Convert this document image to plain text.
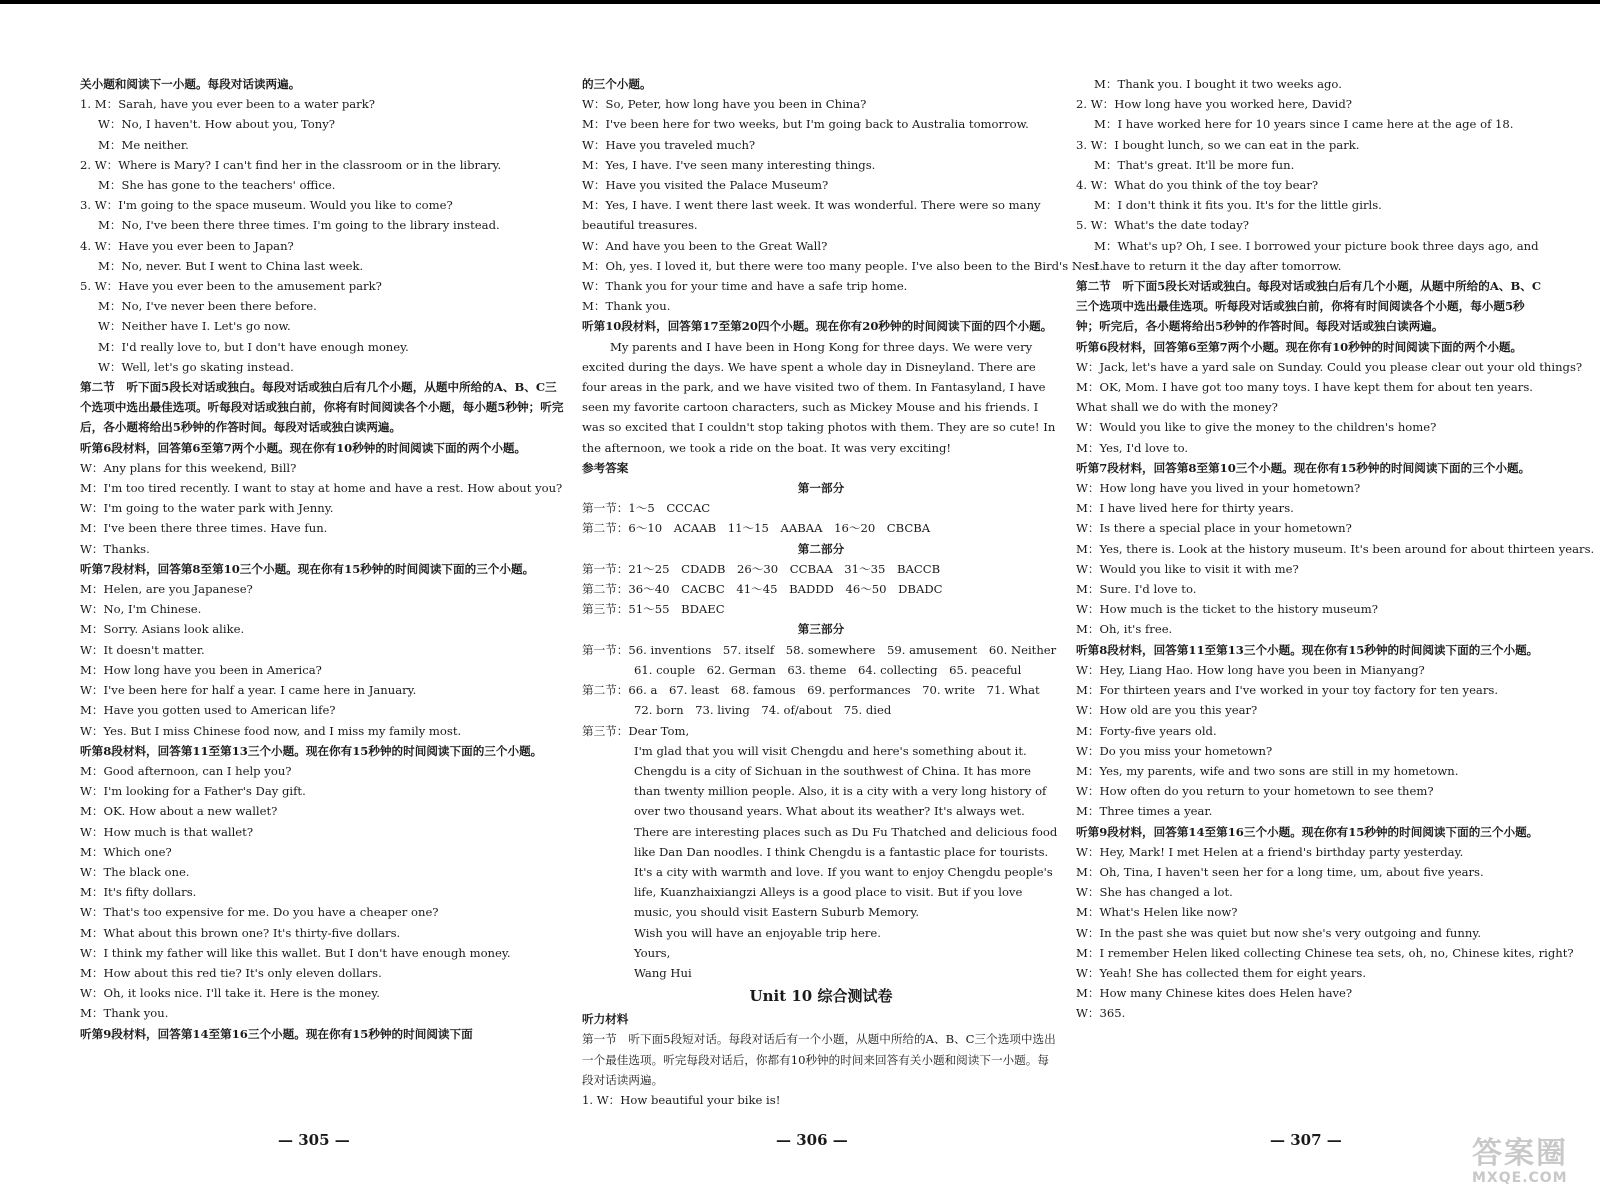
关小题和阅读下一小题。每段对话读两遍。
1. M：Sarah, have you ever been to a water park?
W：No, I haven't. How about you, Tony?
M：Me neither.
2. W：Where is Mary? I can't find her in the classroom or in the library.
M：She has gone to the teachers' office.
3. W：I'm going to the space museum. Would you like to come?
M：No, I've been there three times. I'm going to the library instead.
4. W：Have you ever been to Japan?
M：No, never. But I went to China last week.
5. W：Have you ever been to the amusement park?
M：No, I've never been there before.
W：Neither have I. Let's go now.
M：I'd really love to, but I don't have enough money.
W：Well, let's go skating instead.
第二节　听下面5段长对话或独白。每段对话或独白后有几个小题，从题中所给的A、B、C三个选项中选出最佳选项。听每段对话或独白前，你将有时间阅读各个小题，每小题5秒钟；听完后，各小题将给出5秒钟的作答时间。每段对话或独白读两遍。
听第6段材料，回答第6至第7两个小题。现在你有10秒钟的时间阅读下面的两个小题。
W：Any plans for this weekend, Bill?
M：I'm too tired recently. I want to stay at home and have a rest. How about you?
W：I'm going to the water park with Jenny.
M：I've been there three times. Have fun.
W：Thanks.
听第7段材料，回答第8至第10三个小题。现在你有15秒钟的时间阅读下面的三个小题。
M：Helen, are you Japanese?
W：No, I'm Chinese.
M：Sorry. Asians look alike.
W：It doesn't matter.
M：How long have you been in America?
W：I've been here for half a year. I came here in January.
M：Have you gotten used to American life?
W：Yes. But I miss Chinese food now, and I miss my family most.
听第8段材料，回答第11至第13三个小题。现在你有15秒钟的时间阅读下面的三个小题。
M：Good afternoon, can I help you?
W：I'm looking for a Father's Day gift.
M：OK. How about a new wallet?
W：How much is that wallet?
M：Which one?
W：The black one.
M：It's fifty dollars.
W：That's too expensive for me. Do you have a cheaper one?
M：What about this brown one? It's thirty-five dollars.
W：I think my father will like this wallet. But I don't have enough money.
M：How about this red tie? It's only eleven dollars.
W：Oh, it looks nice. I'll take it. Here is the money.
M：Thank you.
听第9段材料，回答第14至第16三个小题。现在你有15秒钟的时间阅读下面
的三个小题。
W：So, Peter, how long have you been in China?
M：I've been here for two weeks, but I'm going back to Australia tomorrow.
W：Have you traveled much?
M：Yes, I have. I've seen many interesting things.
W：Have you visited the Palace Museum?
M：Yes, I have. I went there last week. It was wonderful. There were so many beautiful treasures.
W：And have you been to the Great Wall?
M：Oh, yes. I loved it, but there were too many people. I've also been to the Bird's Nest.
W：Thank you for your time and have a safe trip home.
M：Thank you.
听第10段材料，回答第17至第20四个小题。现在你有20秒钟的时间阅读下面的四个小题。
My parents and I have been in Hong Kong for three days. We were very excited during the days. We have spent a whole day in Disneyland. There are four areas in the park, and we have visited two of them. In Fantasyland, I have seen my favorite cartoon characters, such as Mickey Mouse and his friends. I was so excited that I couldn't stop taking photos with them. They are so cute! In the afternoon, we took a ride on the boat. It was very exciting!
参考答案
第一部分
第一节：1～5　CCCAC
第二节：6～10　ACAAB　11～15　AABAA　16～20　CBCBA
第二部分
第一节：21～25　CDADB　26～30　CCBAA　31～35　BACCB
第二节：36～40　CACBC　41～45　BADDD　46～50　DBADC
第三节：51～55　BDAEC
第三部分
第一节：56. inventions　57. itself　58. somewhere　59. amusement　60. Neither
61. couple　62. German　63. theme　64. collecting　65. peaceful
第二节：66. a　67. least　68. famous　69. performances　70. write　71. What
72. born　73. living　74. of/about　75. died
第三节：Dear Tom,
I'm glad that you will visit Chengdu and here's something about it.
Chengdu is a city of Sichuan in the southwest of China. It has more than twenty million people. Also, it is a city with a very long history of over two thousand years. What about its weather? It's always wet. There are interesting places such as Du Fu Thatched and delicious food like Dan Dan noodles. I think Chengdu is a fantastic place for tourists. It's a city with warmth and love. If you want to enjoy Chengdu people's life, Kuanzhaixiangzi Alleys is a good place to visit. But if you love music, you should visit Eastern Suburb Memory.
Wish you will have an enjoyable trip here.
Yours,
Wang Hui
Unit 10 综合测试卷
听力材料
第一节　听下面5段短对话。每段对话后有一个小题，从题中所给的A、B、C三个选项中选出一个最佳选项。听完每段对话后，你都有10秒钟的时间来回答有关小题和阅读下一小题。每段对话读两遍。
1. W：How beautiful your bike is!
M：Thank you. I bought it two weeks ago.
2. W：How long have you worked here, David?
M：I have worked here for 10 years since I came here at the age of 18.
3. W：I bought lunch, so we can eat in the park.
M：That's great. It'll be more fun.
4. W：What do you think of the toy bear?
M：I don't think it fits you. It's for the little girls.
5. W：What's the date today?
M：What's up? Oh, I see. I borrowed your picture book three days ago, and I have to return it the day after tomorrow.
第二节　听下面5段长对话或独白。每段对话或独白后有几个小题，从题中所给的A、B、C三个选项中选出最佳选项。听每段对话或独白前，你将有时间阅读各个小题，每小题5秒钟；听完后，各小题将给出5秒钟的作答时间。每段对话或独白读两遍。
听第6段材料，回答第6至第7两个小题。现在你有10秒钟的时间阅读下面的两个小题。
W：Jack, let's have a yard sale on Sunday. Could you please clear out your old things?
M：OK, Mom. I have got too many toys. I have kept them for about ten years. What shall we do with the money?
W：Would you like to give the money to the children's home?
M：Yes, I'd love to.
听第7段材料，回答第8至第10三个小题。现在你有15秒钟的时间阅读下面的三个小题。
W：How long have you lived in your hometown?
M：I have lived here for thirty years.
W：Is there a special place in your hometown?
M：Yes, there is. Look at the history museum. It's been around for about thirteen years.
W：Would you like to visit it with me?
M：Sure. I'd love to.
W：How much is the ticket to the history museum?
M：Oh, it's free.
听第8段材料，回答第11至第13三个小题。现在你有15秒钟的时间阅读下面的三个小题。
W：Hey, Liang Hao. How long have you been in Mianyang?
M：For thirteen years and I've worked in your toy factory for ten years.
W：How old are you this year?
M：Forty-five years old.
W：Do you miss your hometown?
M：Yes, my parents, wife and two sons are still in my hometown.
W：How often do you return to your hometown to see them?
M：Three times a year.
听第9段材料，回答第14至第16三个小题。现在你有15秒钟的时间阅读下面的三个小题。
W：Hey, Mark! I met Helen at a friend's birthday party yesterday.
M：Oh, Tina, I haven't seen her for a long time, um, about five years.
W：She has changed a lot.
M：What's Helen like now?
W：In the past she was quiet but now she's very outgoing and funny.
M：I remember Helen liked collecting Chinese tea sets, oh, no, Chinese kites, right?
W：Yeah! She has collected them for eight years.
M：How many Chinese kites does Helen have?
W：365.
— 305 —	— 306 —	— 307 —	答案圈
MXQE.COM
